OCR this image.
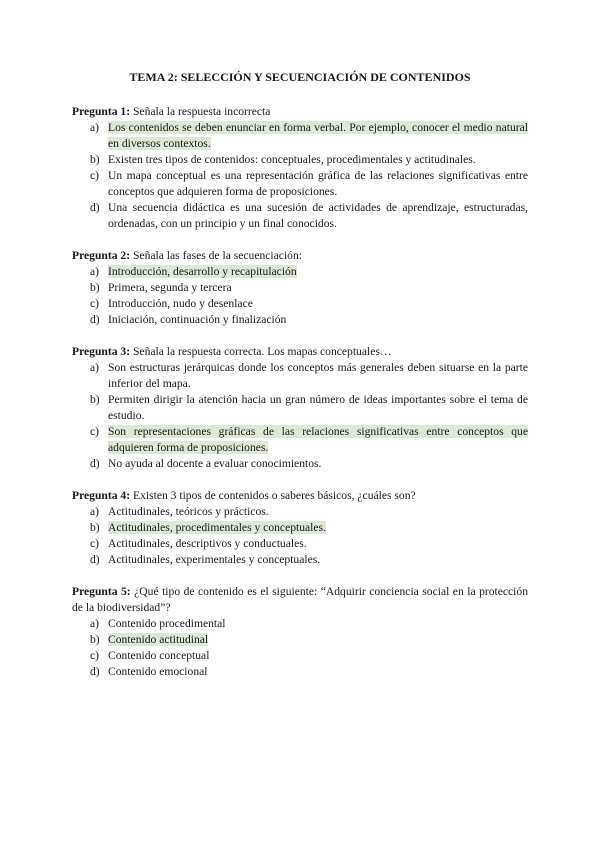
TEMA 2: SELECCIÓN Y SECUENCIACIÓN DE CONTENIDOS

Pregunta 1: Señala la respuesta incorrecta

a) Los contenidos se deben enunciar en forma verbal. Por ejemplo, conocer el medio natural en diversos contextos.
b) Existen tres tipos de contenidos: conceptuales, procedimentales y actitudinales.
c) Un mapa conceptual es una representación gráfica de las relaciones significativas entre conceptos que adquieren forma de proposiciones.
d) Una secuencia didáctica es una sucesión de actividades de aprendizaje, estructuradas, ordenadas, con un principio y un final conocidos.

Pregunta 2: Señala las fases de la secuenciación:

a) Introducción, desarrollo y recapitulación
b) Primera, segunda y tercera
c) Introducción, nudo y desenlace
d) Iniciación, continuación y finalización

Pregunta 3: Señala la respuesta correcta. Los mapas conceptuales…

a) Son estructuras jerárquicas donde los conceptos más generales deben situarse en la parte inferior del mapa.
b) Permiten dirigir la atención hacia un gran número de ideas importantes sobre el tema de estudio.
c) Son representaciones gráficas de las relaciones significativas entre conceptos que adquieren forma de proposiciones.
d) No ayuda al docente a evaluar conocimientos.

Pregunta 4: Existen 3 tipos de contenidos o saberes básicos, ¿cuáles son?

a) Actitudinales, teóricos y prácticos.
b) Actitudinales, procedimentales y conceptuales.
c) Actitudinales, descriptivos y conductuales.
d) Actitudinales, experimentales y conceptuales.

Pregunta 5: ¿Qué tipo de contenido es el siguiente: “Adquirir conciencia social en la protección de la biodiversidad”?

a) Contenido procedimental
b) Contenido actitudinal
c) Contenido conceptual
d) Contenido emocional
